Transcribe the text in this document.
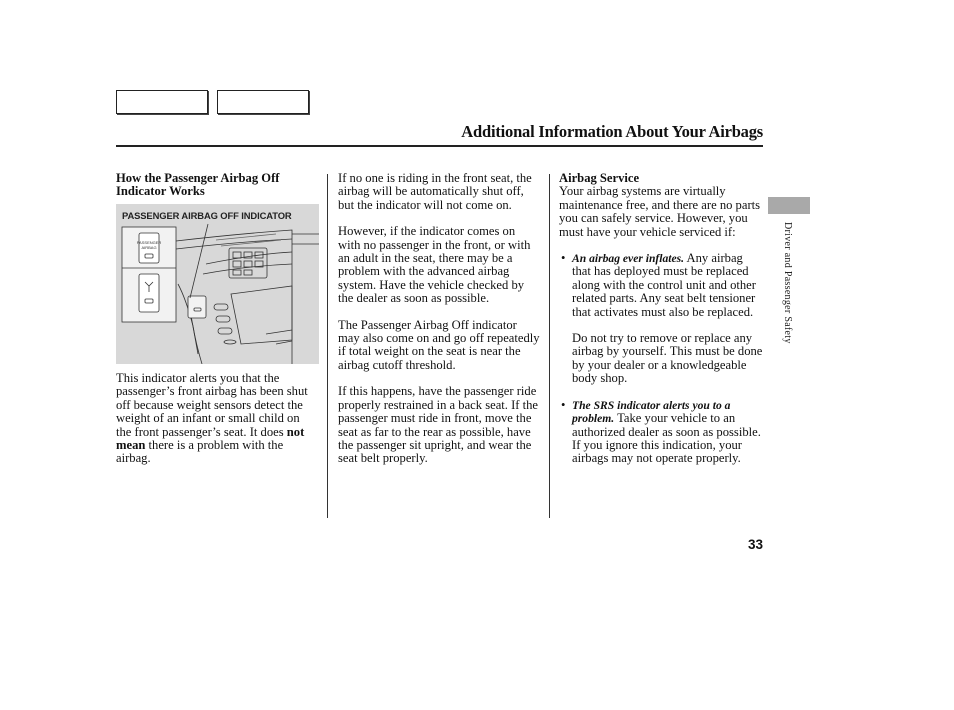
Additional Information About Your Airbags
How the Passenger Airbag Off
Indicator Works
PASSENGER AIRBAG OFF INDICATOR
PASSENGER
AIRBAG

This indicator alerts you that the passenger’s front airbag has been shut off because weight sensors detect the weight of an infant or small child on the front passenger’s seat. It does not mean there is a problem with the airbag.

If no one is riding in the front seat, the airbag will be automatically shut off, but the indicator will not come on.

However, if the indicator comes on with no passenger in the front, or with an adult in the seat, there may be a problem with the advanced airbag system. Have the vehicle checked by the dealer as soon as possible.

The Passenger Airbag Off indicator may also come on and go off repeatedly if total weight on the seat is near the airbag cutoff threshold.

If this happens, have the passenger ride properly restrained in a back seat. If the passenger must ride in front, move the seat as far to the rear as possible, have the passenger sit upright, and wear the seat belt properly.

Airbag Service

Your airbag systems are virtually maintenance free, and there are no parts you can safely service. However, you must have your vehicle serviced if:

• An airbag ever inflates. Any airbag that has deployed must be replaced along with the control unit and other related parts. Any seat belt tensioner that activates must also be replaced.

Do not try to remove or replace any airbag by yourself. This must be done by your dealer or a knowledgeable body shop.

• The SRS indicator alerts you to a problem. Take your vehicle to an authorized dealer as soon as possible. If you ignore this indication, your airbags may not operate properly.

Driver and Passenger Safety
33
